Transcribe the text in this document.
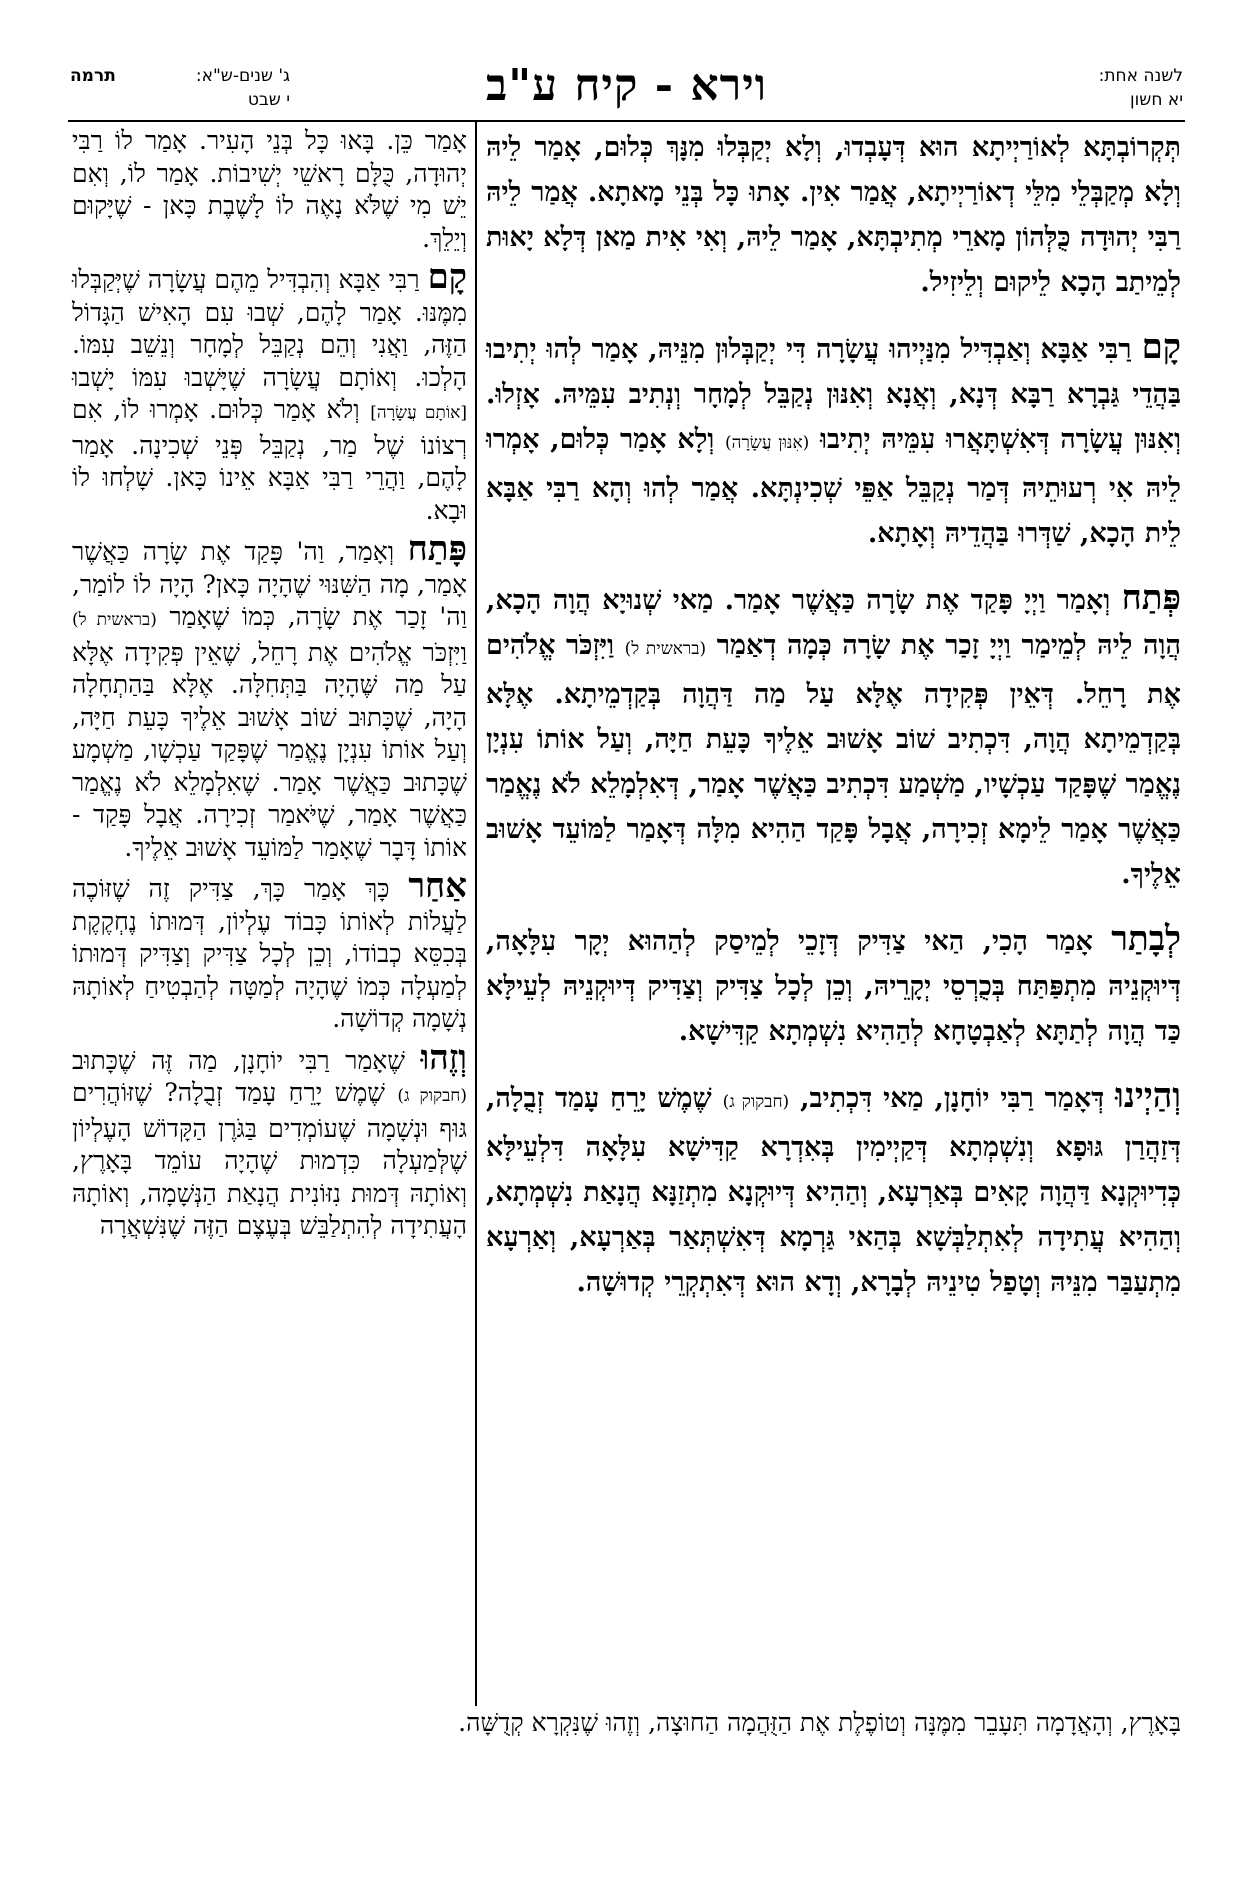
לשנה אחת:
יא חשון
וירא - קיח ע"ב
ג' שנים-ש"א:
תרמה
י שבט

תְּקְרוֹבְתָּא לְאוֹרַיְיתָא הוּא דְּעָבְדוּ, וְלָא יְקַבְּלוּ מִנָּךְ כְּלוּם, אָמַר לֵיהּ וְלָא מְקַבְּלֵי מִלֵּי דְאוֹרַיְיתָא, אֲמַר אִין. אָתוּ כָּל בְּנֵי מָאתָא. אֲמַר לֵיהּ רַבִּי יְהוּדָה כֻּלְּהוֹן מָארֵי מְתִיבְתָּא, אָמַר לֵיהּ, וְאִי אִית מַאן דְּלָא יָאוּת לְמֵיתַב הָכָא לֵיקוּם וְלֵיזִיל.

קָם רַבִּי אַבָּא וְאַבְדִּיל מִנַּיְיהוּ עֲשָׂרָה דִּי יְקַבְּלוּן מִנֵּיהּ, אָמַר לְהוּ יְתִיבוּ בַּהֲדֵי גַּבְרָא רַבָּא דְּנָא, וְאֲנָא וְאִנּוּן נְקַבֵּל לְמָחָר וְנְתִיב עִמֵּיהּ. אָזְלוּ. וְאִנּוּן עֲשָׂרָה דְּאִשְׁתָּאֲרוּ עִמֵּיהּ יְתִיבוּ (אִנּוּן עֲשָׂרָה) וְלָא אָמַר כְּלוּם, אָמְרוּ לֵיהּ אִי רְעוּתֵיהּ דְּמַר נְקַבֵּל אַפֵּי שְׁכִינְתָּא. אֲמַר לְהוּ וְהָא רַבִּי אַבָּא לֵית הָכָא, שַׁדְּרוּ בַּהֲדֵיהּ וְאָתָא.

פְּתַח וְאָמַר וַיְיָ פָּקַד אֶת שָׂרָה כַּאֲשֶׁר אָמַר. מַאי שְׁנוּיָא הֲוָה הָכָא, הֲוָה לֵיהּ לְמֵימַר וַיְיָ זָכַר אֶת שָׂרָה כְּמָה דְאַמַר (בראשית ל) וַיִּזְכֹּר אֱלֹהִים אֶת רָחֵל. דְּאֵין פְּקִידָה אֶלָּא עַל מַה דַּהֲוָה בְּקַדְמֵיתָא. אֶלָּא בְּקַדְמֵיתָא הֲוָה, דִּכְתִיב שׁוֹב אָשׁוּב אֵלֶיךָ כָּעֵת חַיָּה, וְעַל אוֹתוֹ עִנְיָן נֶאֱמַר שֶׁפָּקַד עַכְשָׁיו, מַשְׁמַע דִּכְתִיב כַּאֲשֶׁר אָמַר, דְּאִלְמָלֵא לֹא נֶאֱמַר כַּאֲשֶׁר אָמַר לֵימָא זְכִירָה, אֲבָל פָּקַד הַהִיא מִלָּה דְּאָמַר לַמּוֹעֵד אָשׁוּב אֵלֶיךָ.

לְבָתַר אָמַר הָכִי, הַאי צַדִּיק דְּזָכֵי לְמֵיסַק לְהַהוּא יְקָר עִלָּאָה, דְּיוּקְנֵיהּ מִתְפַּתַּח בְּכֻרְסֵי יְקָרֵיהּ, וְכֵן לְכָל צַדִּיק וְצַדִּיק דְּיוּקְנֵיהּ לְעֵילָּא כַּד הֲוָה לְתַתָּא לְאַבְטָחָא לְהַהִיא נִשְׁמְתָא קַדִּישָׁא.

וְהַיְינוּ דְּאָמַר רַבִּי יוֹחָנָן, מַאי דִּכְתִיב, (חבקוק ג) שֶׁמֶשׁ יָרֵחַ עָמַד זְבֻלָה, דְּזַהֲרַן גּוּפָא וְנִשְׁמְתָא דְּקַיְימִין בְּאִדְרָא קַדִּישָׁא עִלָּאָה דִּלְעֵילָּא כְּדִיוּקְנָא דַּהֲוָה קָאִים בְּאַרְעָא, וְהַהִיא דְּיוּקְנָא מִתְזַנָּא הֲנָאַת נִשְׁמְתָא, וְהַהִיא עֲתִידָה לְאִתְלַבְּשָׁא בְּהַאי גַּרְמָא דְּאִשְׁתְּאַר בְּאַרְעָא, וְאַרְעָא מִתְעַבַּר מִנֵּיהּ וְטָפַל טִינֵיהּ לְבָרָא, וְדָא הוּא דְּאִתְקְרֵי קְדוּשָׁה.

אָמַר כֵּן. בָּאוּ כָּל בְּנֵי הָעִיר. אָמַר לוֹ רַבִּי יְהוּדָה, כֻּלָּם רָאשֵׁי יְשִׁיבוֹת. אָמַר לוֹ, וְאִם יֵשׁ מִי שֶׁלֹּא נָאֶה לוֹ לָשֶׁבֶת כָּאן - שֶׁיָּקוּם וְיֵלֵךְ.

קָם רַבִּי אַבָּא וְהִבְדִּיל מֵהֶם עֲשָׂרָה שֶׁיְּקַבְּלוּ מִמֶּנּוּ. אָמַר לָהֶם, שְׁבוּ עִם הָאִישׁ הַגָּדוֹל הַזֶּה, וַאֲנִי וְהֵם נְקַבֵּל לְמָחָר וְנֵשֵׁב עִמּוֹ. הָלְכוּ. וְאוֹתָם עֲשָׂרָה שֶׁיָּשְׁבוּ עִמּוֹ יָשְׁבוּ [אוֹתָם עֲשָׂרָה] וְלֹא אָמַר כְּלוּם. אָמְרוּ לוֹ, אִם רְצוֹנוֹ שֶׁל מַר, נְקַבֵּל פְּנֵי שְׁכִינָה. אָמַר לָהֶם, וַהֲרֵי רַבִּי אַבָּא אֵינוֹ כָּאן. שָׁלְחוּ לוֹ וּבָא.

פָּתַח וְאָמַר, וַה' פָּקַד אֶת שָׂרָה כַּאֲשֶׁר אָמַר, מָה הַשִּׁנּוּי שֶׁהָיָה כָּאן? הָיָה לוֹ לוֹמַר, וַה' זָכַר אֶת שָׂרָה, כְּמוֹ שֶׁאָמַר (בראשית ל) וַיִּזְכֹּר אֱלֹהִים אֶת רָחֵל, שֶׁאֵין פְּקִידָה אֶלָּא עַל מַה שֶּׁהָיָה בַּתְּחִלָּה. אֶלָּא בַּהַתְחָלָה הָיָה, שֶׁכָּתוּב שׁוֹב אָשׁוּב אֵלֶיךָ כָּעֵת חַיָּה, וְעַל אוֹתוֹ עִנְיָן נֶאֱמַר שֶׁפָּקַד עַכְשָׁו, מַשְׁמָע שֶׁכָּתוּב כַּאֲשֶׁר אָמַר. שֶׁאִלְמָלֵא לֹא נֶאֱמַר כַּאֲשֶׁר אָמַר, שֶׁיֹּאמַר זְכִירָה. אֲבָל פָּקַד - אוֹתוֹ דָּבָר שֶׁאָמַר לַמּוֹעֵד אָשׁוּב אֵלֶיךָ.

אַחַר כָּךְ אָמַר כָּךְ, צַדִּיק זֶה שֶׁזּוֹכֶה לַעֲלוֹת לְאוֹתוֹ כָּבוֹד עֶלְיוֹן, דְּמוּתוֹ נֶחְקֶקֶת בְּכִסֵּא כְבוֹדוֹ, וְכֵן לְכָל צַדִּיק וְצַדִּיק דְּמוּתוֹ לְמַעְלָה כְּמוֹ שֶׁהָיָה לְמַטָּה לְהַבְטִיחַ לְאוֹתָהּ נְשָׁמָה קְדוֹשָׁה.

וְזֶהוּ שֶׁאָמַר רַבִּי יוֹחָנָן, מַה זֶּה שֶׁכָּתוּב (חבקוק ג) שֶׁמֶשׁ יָרֵחַ עָמַד זְבֻלָה? שֶׁזּוֹהֲרִים גּוּף וּנְשָׁמָה שֶׁעוֹמְדִים בַּגֹּרֶן הַקָּדוֹשׁ הָעֶלְיוֹן שֶׁלְּמַעְלָה כִּדְמוּת שֶׁהָיָה עוֹמֵד בָּאָרֶץ, וְאוֹתָהּ דְּמוּת נִזּוֹנִית הֲנָאַת הַנְּשָׁמָה, וְאוֹתָהּ הָעֲתִידָה לְהִתְלַבֵּשׁ בְּעֶצֶם הַזֶּה שֶׁנִּשְׁאֲרָה

בָּאָרֶץ, וְהָאֲדָמָה תִּעָבֵר מִמֶּנָּה וְטוֹפֶלֶת אֶת הַזֻּהֲמָה הַחוּצָה, וְזֶהוּ שֶׁנִּקְרָא קְדֻשָּׁה.
